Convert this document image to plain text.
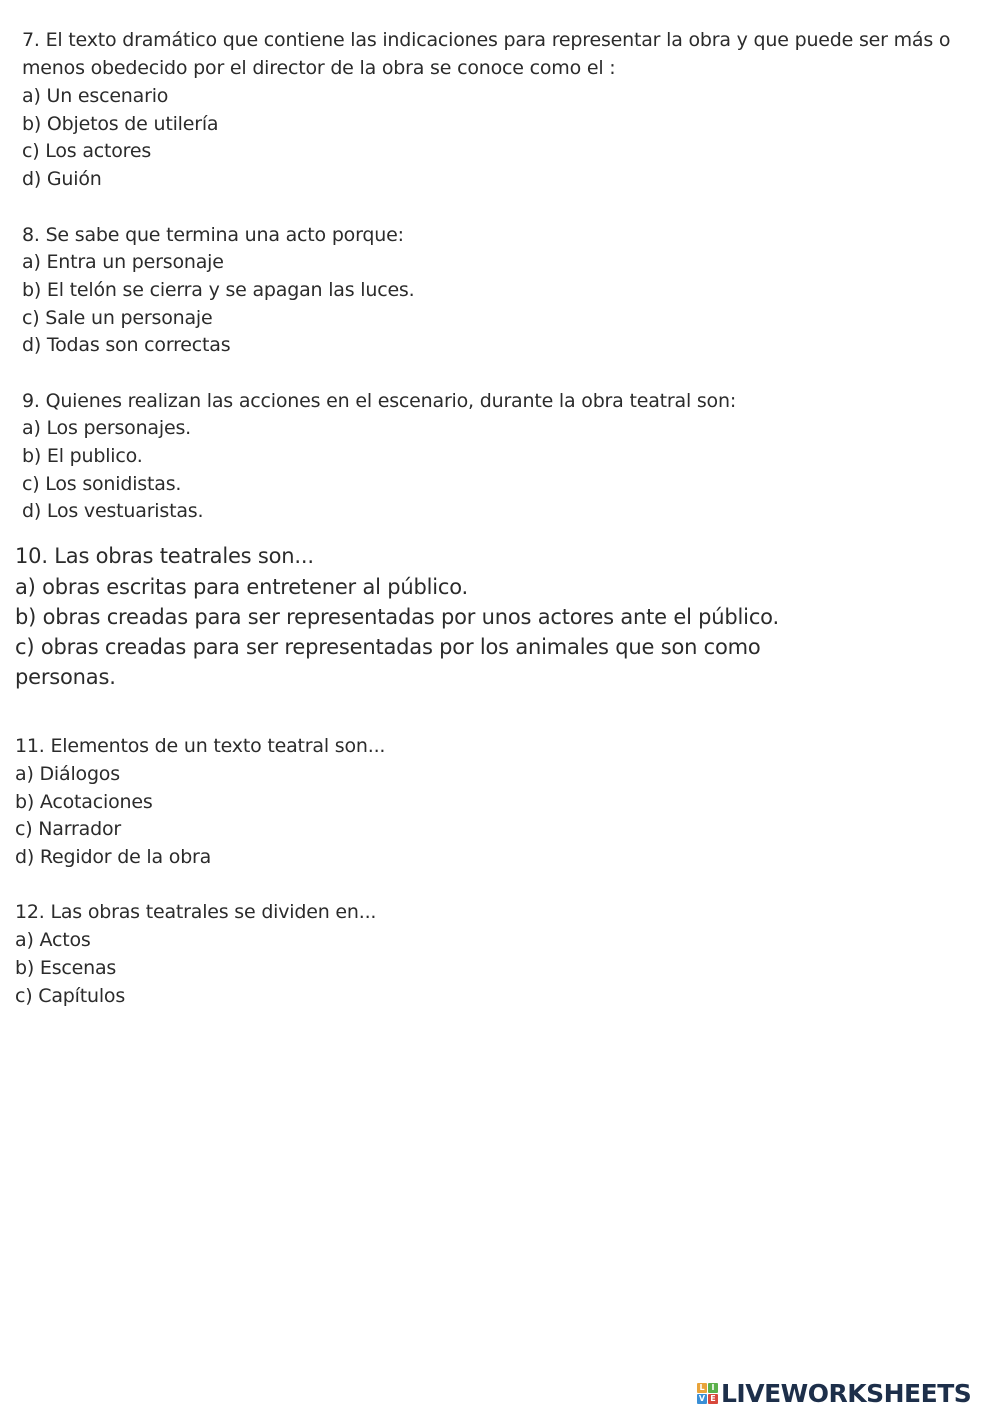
7. El texto dramático que contiene las indicaciones para representar la obra y que puede ser más o
menos obedecido por el director de la obra se conoce como el :
a) Un escenario
b) Objetos de utilería
c) Los actores
d) Guión
8. Se sabe que termina una acto porque:
a) Entra un personaje
b) El telón se cierra y se apagan las luces.
c) Sale un personaje
d) Todas son correctas
9. Quienes realizan las acciones en el escenario, durante la obra teatral son:
a) Los personajes.
b) El publico.
c) Los sonidistas.
d) Los vestuaristas.
10. Las obras teatrales son...
a) obras escritas para entretener al público.
b) obras creadas para ser representadas por unos actores ante el público.
c) obras creadas para ser representadas por los animales que son como
personas.
11. Elementos de un texto teatral son...
a) Diálogos
b) Acotaciones
c) Narrador
d) Regidor de la obra
12. Las obras teatrales se dividen en...
a) Actos
b) Escenas
c) Capítulos
L I
V E LIVEWORKSHEETS
